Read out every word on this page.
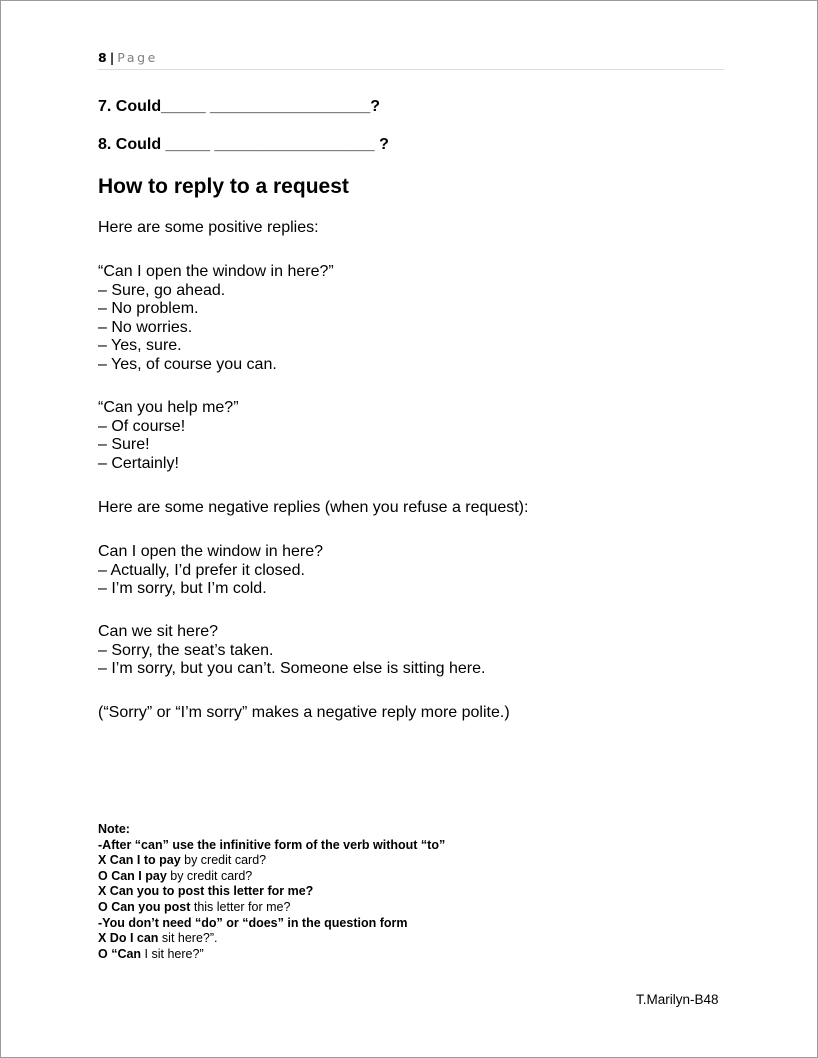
8 | Page
7. Could_____ __________________?
8. Could _____ __________________ ?
How to reply to a request

Here are some positive replies:

“Can I open the window in here?”
– Sure, go ahead.
– No problem.
– No worries.
– Yes, sure.
– Yes, of course you can.
“Can you help me?”
– Of course!
– Sure!
– Certainly!

Here are some negative replies (when you refuse a request):

Can I open the window in here?
– Actually, I’d prefer it closed.
– I’m sorry, but I’m cold.
Can we sit here?
– Sorry, the seat’s taken.
– I’m sorry, but you can’t. Someone else is sitting here.

(“Sorry” or “I’m sorry” makes a negative reply more polite.)

Note:
-After “can” use the infinitive form of the verb without “to”
X Can I to pay by credit card?
O Can I pay by credit card?
X Can you to post this letter for me?
O Can you post this letter for me?
-You don’t need “do” or “does” in the question form
X Do I can sit here?”.
O “Can I sit here?”
T.Marilyn-B48
